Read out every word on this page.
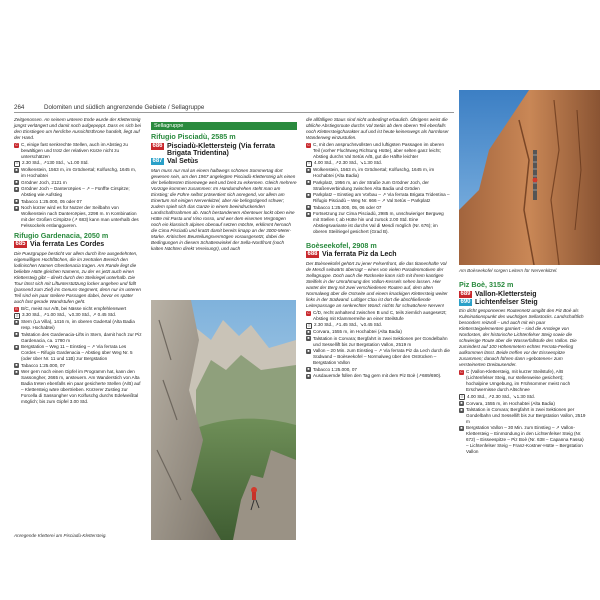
264	Dolomiten und südlich angrenzende Gebiete / Sellagruppe

Zeitgenossen. An seinem unteren Ende wurde der Klettersteig jüngst verlängert und damit noch aufgepeppt. Dass es sich bei den Einstiegen um herrliche Aussichtsthrone handelt, liegt auf der Hand.

C C, einige fast senkrechte Stellen, auch im Abstieg zu bewältigen und trotz der relativen Kürze nicht zu unterschätzen
⏱ 2.30 Std., ↗130 Std., ↘1.00 Std.
■ Wolkenstein, 1563 m, im Grödnertal; Kolfuschg, 1645 m, im Hochabtei
■ Grödner Joch, 2121 m
■ Grödner Joch – Dantercëpies – ↗ – Fünffte Cirspitze; Abstieg wie Aufstieg
■ Tabacco 1:25.000, 05 oder 07
■ Noch kürzer wird es für Nutzer der Seilbahn von Wolkenstein nach Dantercëpies, 2298 m. In Kombination mit der Großen Cirspitze (↗ 683) kann man unterhalb des Felssockels entlanggueren.
Rifugio Gardenacia, 2050 m
685 Via ferrata Les Cordes

Die Puezgruppe besticht vor allem durch ihre ausgedehnten, eigenwilligen Hochflächen, die im zentralen Bereich den lodinischen Namen Gherdenacia tragen. Am Rande liegt die beliebte Hütte gleichen Namens, zu der es jetzt auch einen Klettersteig gibt – direkt durch den Steilriegel unterhalb. Die Tour lässt sich mit Liftunterstützung locker angehen und füllt (passend zum Ziel) ins Genuss-Segment, denn nur im unteren Teil sind ein paar steilere Passagen dabei, bevor es später auch fast gerade Wandstufen geht.

B B/C, meist nur A/B, bei Nässe nicht empfehlenswert
⏱ 3.30 Std., ↗1.00 Std., ↘0.30 Std., ↗ 0.45 Std.
■ Stern (La Villa), 1416 m, im oberen Gadertal (Alta Badia resp. Hochabtei)
■ Talstation des Gardenacia-Lifts in Stern, damit hoch zur Piz Gardenacia, ca. 1780 m
■ Bergstation – Weg 11 – Einstieg – ↗ Via ferrata Les Cordes – Rifugio Gardenacia – Abstieg über Weg Nr. 5 (oder über Nr. 11 und 11B) zur Bergstation
■ Tabacco 1:25.000, 07
■ Wer gern noch einen Gipfel im Programm hat, kann den Sassongher, 2665 m, ansteuern. Am Wanderstich von Alta Badia treten ebenfalls ein paar gesicherte Stellen (A/B) auf – Klettersteig wäre übertrieben. Kürzerer Zustieg zur Forcella di Sassongher von Kolfuschg durchs Edelweißtal möglich; bis zum Gipfel 3.00 Std.
Anregende Kletterei am Pisciadù-Klettersteig.
Sellagruppe
Rifugio Pisciadù, 2585 m
686 Pisciadù-Klettersteig (Via ferrata Brigata Tridentina)
687 Val Setùs

Man muss nur mal an einem halbwegs schönen Sommertag dort gewesen sein, um den 1967 angelegten Pisciadù-Klettersteig als einen der beliebtesten Eisenwege weit und breit zu erkennen. Gleich mehrere Vorzüge kommen zusammen: Im Handumdrehen steht man am Einstieg; die Führe selbst präsentiert sich anregend, vor allem am Einertum mit einigen Nervenkitzel, aber nie belingstigend schwer; zudem spielt sich das Ganze in einem beeindruckenden Landschaftsrahmen ab. Nach bestandenem Abenteuer lockt oben eine Hütte mit Pasta und Vino rosso, und wer dem eisernen Vergnügen noch ein klassisch alpines obenauf setzen möchte, erklimmt hernach die Cima Pisciadù und kratzt damit bereits knapp an der 3000-Meter-Marke. Kritisches Beurteilungsvermögen vorausgesetzt, dabei die Bedingungen in diesem Schattenwinkel der Sella-Nordfront (noch kalten Nächten direkt Vereisung!), und auch

die allfälligen Staus sind nicht unbedingt erbaulich. Übrigens weist die übliche Abstiegsroute durchs Val Setùs ab dem oberen Teil ebenfalls noch Klettersteigcharakter auf und ist heute keineswegs als harmloser Wanderweg einzustufen.

C C, mit den anspruchsvollsten und luftigsten Passagen im oberen Teil (vorher Fluchtweg Richtung Hütte), aber selten ganz leicht; Abstieg durchs Val Setùs A/B, gut die Hälfte leichter
⏱ 4.00 Std., ↗2.30 Std., ↘1.30 Std.
■ Wolkenstein, 1563 m, im Grödnertal; Kolfuschg, 1645 m, im Hochabtei (Alta Badia)
■ Parkplatz, 1956 m, an der Straße zum Grödner Joch, der Straßenverbindung zwischen Alta Badia und Gröden
■ Parkplatz – Einstieg am Vorbau – ↗ Via ferrata Brigata Tridentina – Rifugio Pisciadù – Weg Nr. 666 – ↗ Val Setùs – Parkplatz
■ Tabacco 1:25.000, 05, 06 oder 07
■ Fortsetzung zur Cima Pisciadù, 2985 m, unschwieriger Bergweg mit Stellen I; ab Hütte hin und zurück 2.00 Std. Eine Abstiegsvariante ist durchs Val di Mesdì möglich (Nr. 676); im oberen Steilriegel gesichert (Grad B).
Boèseekofel, 2908 m
688 Via ferrata Piz da Lech

Der Boèseekofel gehört zu jener Felsenfront, die das titanenhafte Val de Mesdì seitwärts überragt – eines von vielen Paradenmotiven der Sellagruppe. Doch auch die Rückseite kann sich mit ihrem kantigen Steilfels in der Umrahmung des Vallon-Kessels sehen lassen. Hier wartet der Berg mit zwei verschiedenen Routen auf, dem alten Normalweg über die Ostseite und einem knackigen Klettersteig weiter links in der Südwand. Luftiger Clou ist dort die abschließende Leiterpassage an senkrechter Wand: nichts für schwächere Nerven!

C C/D, recht anhaltend zwischen B und C, teils ziemlich ausgesetzt; Abstieg mit Klammerreihe an einer Steilstufe
⏱ 2.30 Std., ↗1.45 Std., ↘0.45 Std.
■ Corvara, 1555 m, im Hochabtei (Alta Badia)
■ Talstation in Corvara; Bergfahrt in zwei Sektionen per Gondelbahn und Sessellift bis zur Bergstation Vallon, 2519 m
■ Vallon – 20 Min. zum Einstieg – ↗ Via ferrata Piz da Lech durch die Südwand – Boèseekofel – Normalweg über den Ostrücken – Bergstation Vallon
■ Tabacco 1:25.000, 07
■ Ausdauernde füllen den Tag gern mit dem Piz Boè (↗689/690).
Am Boèseekofel sorgen Leitern für Nervenkitzel.
Piz Boè, 3152 m
689 Vallon-Klettersteig
690 Lichtenfelser Steig

Ein dicht gesponnenes Routennetz umgibt den Piz Boè als Kulminationspunkt des wuchtigen Sellastocks. Landschaftlich besonders reizvoll – und auch mit ein paar Klettersteigelementen garniert – sind die Anstiege von Nordosten, der historische Lichtenfelser Steig sowie die schwierige Route über die Wasserfallstufe des Vallon. Die zumindest auf 100 Höhenmetern echtes Ferrata-Feeling aufkommen lässt. Beide treffen vor der Eisseespitze zusammen; danach führen dann »gebotenes« zum versteinerten Dreitausender.

C C (Vallon-Klettersteig, mit kurzer Steilstufe), A/B (Lichtenfelser Steig, nur stellenweise gesichert); hochalpine Umgebung, im Frühsommer meist noch Erschwernisse durch Altschnee
⏱ 4.00 Std., ↗2.30 Std., ↘1.30 Std.
■ Corvara, 1555 m, im Hochabtei (Alta Badia)
■ Talstation in Corvara; Bergfahrt in zwei Sektionen per Gondelbahn und Sessellift bis zur Bergstation Vallon, 2519 m
■ Bergstation Vallon – 30 Min. zum Einstieg – ↗ Vallon-Klettersteig – Einmündung in den Lichtenfelser Steig (Nr. 672) – Eisseespitze – Piz Boè (Nr. 638 – Capanna Fassa) – Lichtenfelser Steig – Franz-Kostner-Hütte – Bergstation Vallon
